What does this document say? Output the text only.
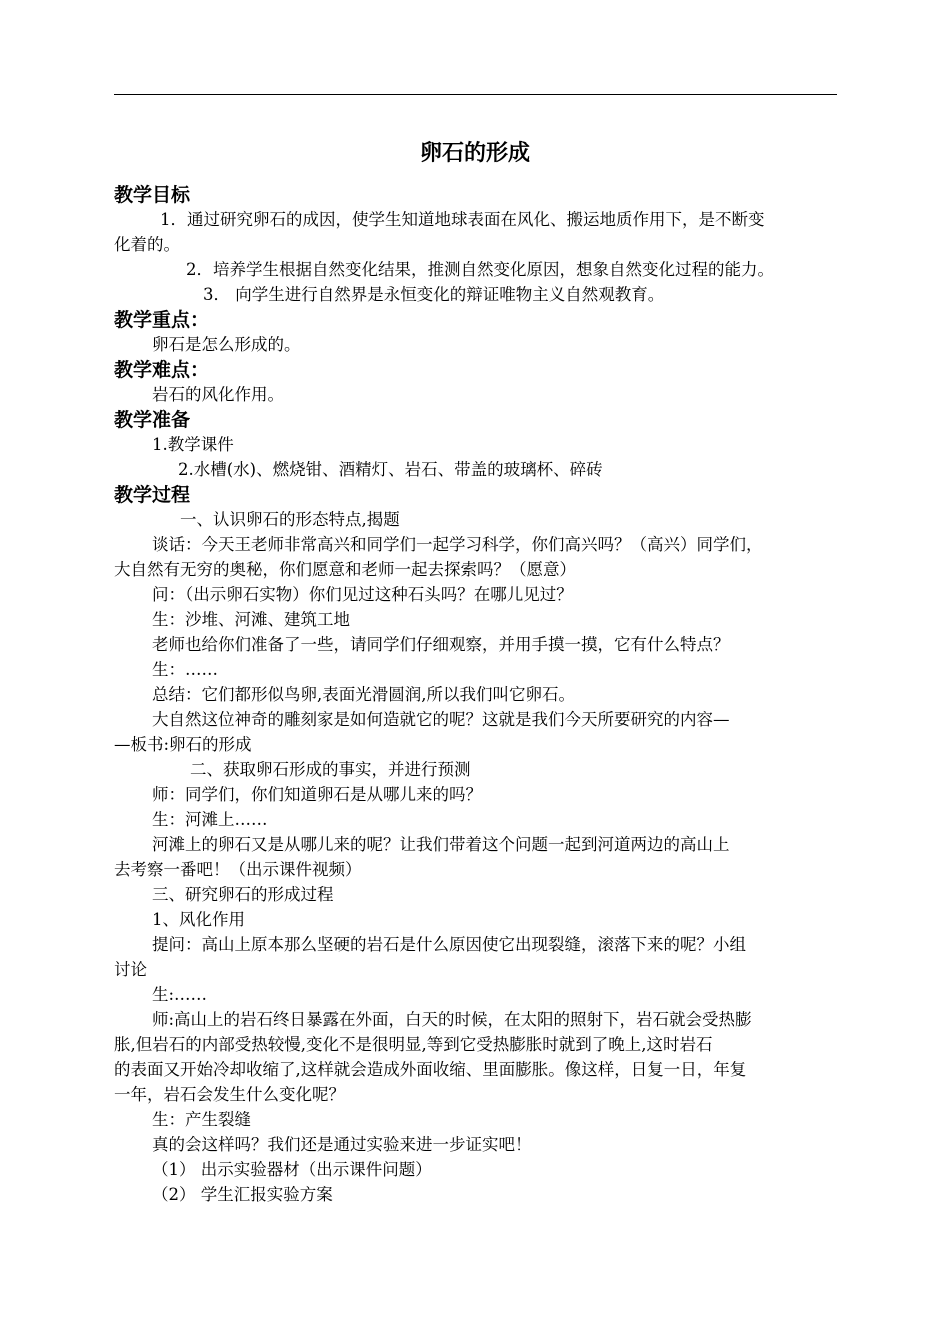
卵石的形成
教学目标
1．通过研究卵石的成因，使学生知道地球表面在风化、搬运地质作用下，是不断变
化着的。
2．培养学生根据自然变化结果，推测自然变化原因，想象自然变化过程的能力。
3． 向学生进行自然界是永恒变化的辩证唯物主义自然观教育。
教学重点：
卵石是怎么形成的。
教学难点：
岩石的风化作用。
教学准备
1.教学课件
2.水槽(水)、燃烧钳、酒精灯、岩石、带盖的玻璃杯、碎砖
教学过程
一、认识卵石的形态特点,揭题
谈话：今天王老师非常高兴和同学们一起学习科学，你们高兴吗？（高兴）同学们，
大自然有无穷的奥秘，你们愿意和老师一起去探索吗？（愿意）
问：（出示卵石实物）你们见过这种石头吗？在哪儿见过？
生：沙堆、河滩、建筑工地
老师也给你们准备了一些，请同学们仔细观察，并用手摸一摸，它有什么特点？
生：……
总结：它们都形似鸟卵,表面光滑圆润,所以我们叫它卵石。
大自然这位神奇的雕刻家是如何造就它的呢？这就是我们今天所要研究的内容—
—板书:卵石的形成
二、获取卵石形成的事实，并进行预测
师：同学们，你们知道卵石是从哪儿来的吗？
生：河滩上……
河滩上的卵石又是从哪儿来的呢？让我们带着这个问题一起到河道两边的高山上
去考察一番吧！（出示课件视频）
三、研究卵石的形成过程
1、风化作用
提问：高山上原本那么坚硬的岩石是什么原因使它出现裂缝，滚落下来的呢？小组
讨论
生:……
师:高山上的岩石终日暴露在外面，白天的时候，在太阳的照射下，岩石就会受热膨
胀,但岩石的内部受热较慢,变化不是很明显,等到它受热膨胀时就到了晚上,这时岩石
的表面又开始冷却收缩了,这样就会造成外面收缩、里面膨胀。像这样，日复一日，年复
一年，岩石会发生什么变化呢？
生：产生裂缝
真的会这样吗？我们还是通过实验来进一步证实吧！
（1） 出示实验器材（出示课件问题）
（2） 学生汇报实验方案
